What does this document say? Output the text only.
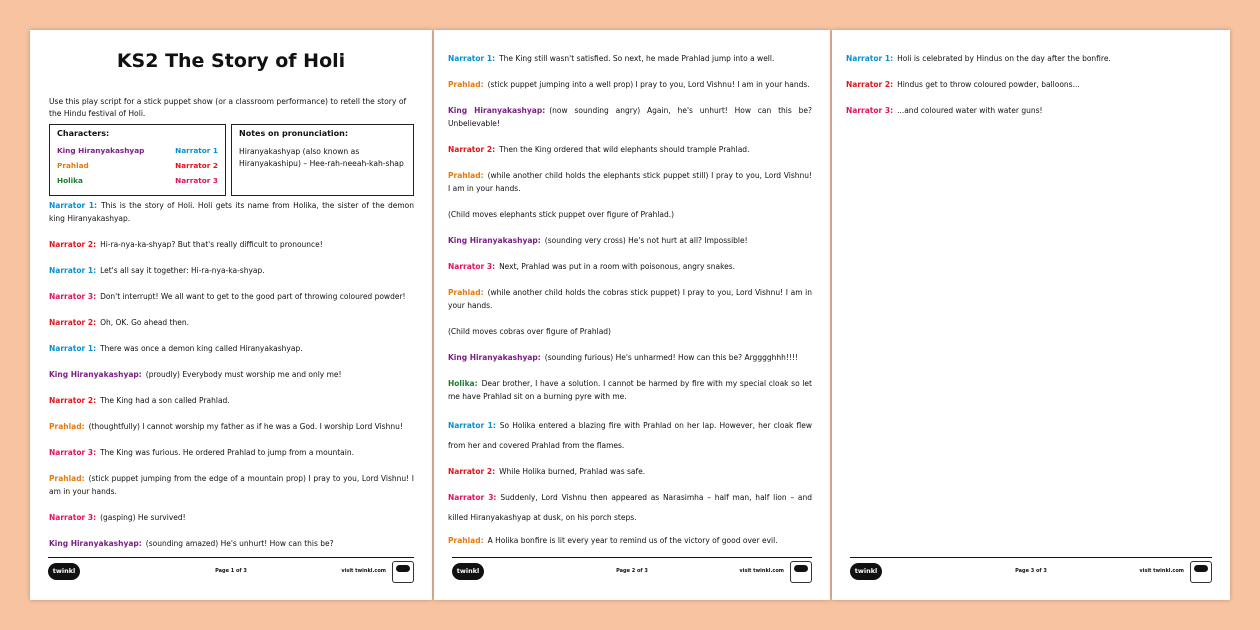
KS2 The Story of Holi
Use this play script for a stick puppet show (or a classroom performance) to retell the story of the Hindu festival of Holi.
Characters:
King Hiranyakashyap	Narrator 1
Prahlad	Narrator 2
Holika	Narrator 3
Notes on pronunciation:
Hiranyakashyap (also known as Hiranyakashipu) – Hee-rah-neeah-kah-shap
Narrator 1: This is the story of Holi. Holi gets its name from Holika, the sister of the demon king Hiranyakashyap.
Narrator 2: Hi-ra-nya-ka-shyap? But that's really difficult to pronounce!
Narrator 1: Let's all say it together: Hi-ra-nya-ka-shyap.
Narrator 3: Don't interrupt! We all want to get to the good part of throwing coloured powder!
Narrator 2: Oh, OK. Go ahead then.
Narrator 1: There was once a demon king called Hiranyakashyap.
King Hiranyakashyap: (proudly) Everybody must worship me and only me!
Narrator 2: The King had a son called Prahlad.
Prahlad: (thoughtfully) I cannot worship my father as if he was a God. I worship Lord Vishnu!
Narrator 3: The King was furious. He ordered Prahlad to jump from a mountain.
Prahlad: (stick puppet jumping from the edge of a mountain prop) I pray to you, Lord Vishnu! I am in your hands.
Narrator 3: (gasping) He survived!
King Hiranyakashyap: (sounding amazed) He's unhurt! How can this be?
twinkl	Page 1 of 3	visit twinkl.com
Narrator 1: The King still wasn't satisfied. So next, he made Prahlad jump into a well.
Prahlad: (stick puppet jumping into a well prop) I pray to you, Lord Vishnu! I am in your hands.
King Hiranyakashyap: (now sounding angry) Again, he's unhurt! How can this be? Unbelievable!
Narrator 2: Then the King ordered that wild elephants should trample Prahlad.
Prahlad: (while another child holds the elephants stick puppet still) I pray to you, Lord Vishnu! I am in your hands.
(Child moves elephants stick puppet over figure of Prahlad.)
King Hiranyakashyap: (sounding very cross) He's not hurt at all? Impossible!
Narrator 3: Next, Prahlad was put in a room with poisonous, angry snakes.
Prahlad: (while another child holds the cobras stick puppet) I pray to you, Lord Vishnu! I am in your hands.
(Child moves cobras over figure of Prahlad)
King Hiranyakashyap: (sounding furious) He's unharmed! How can this be? Argggghhh!!!!
Holika: Dear brother, I have a solution. I cannot be harmed by fire with my special cloak so let me have Prahlad sit on a burning pyre with me.
Narrator 1: So Holika entered a blazing fire with Prahlad on her lap. However, her cloak flew from her and covered Prahlad from the flames.
Narrator 2: While Holika burned, Prahlad was safe.
Narrator 3: Suddenly, Lord Vishnu then appeared as Narasimha – half man, half lion – and killed Hiranyakashyap at dusk, on his porch steps.
Prahlad: A Holika bonfire is lit every year to remind us of the victory of good over evil.
twinkl	Page 2 of 3	visit twinkl.com
Narrator 1: Holi is celebrated by Hindus on the day after the bonfire.
Narrator 2: Hindus get to throw coloured powder, balloons...
Narrator 3: ...and coloured water with water guns!
twinkl	Page 3 of 3	visit twinkl.com
